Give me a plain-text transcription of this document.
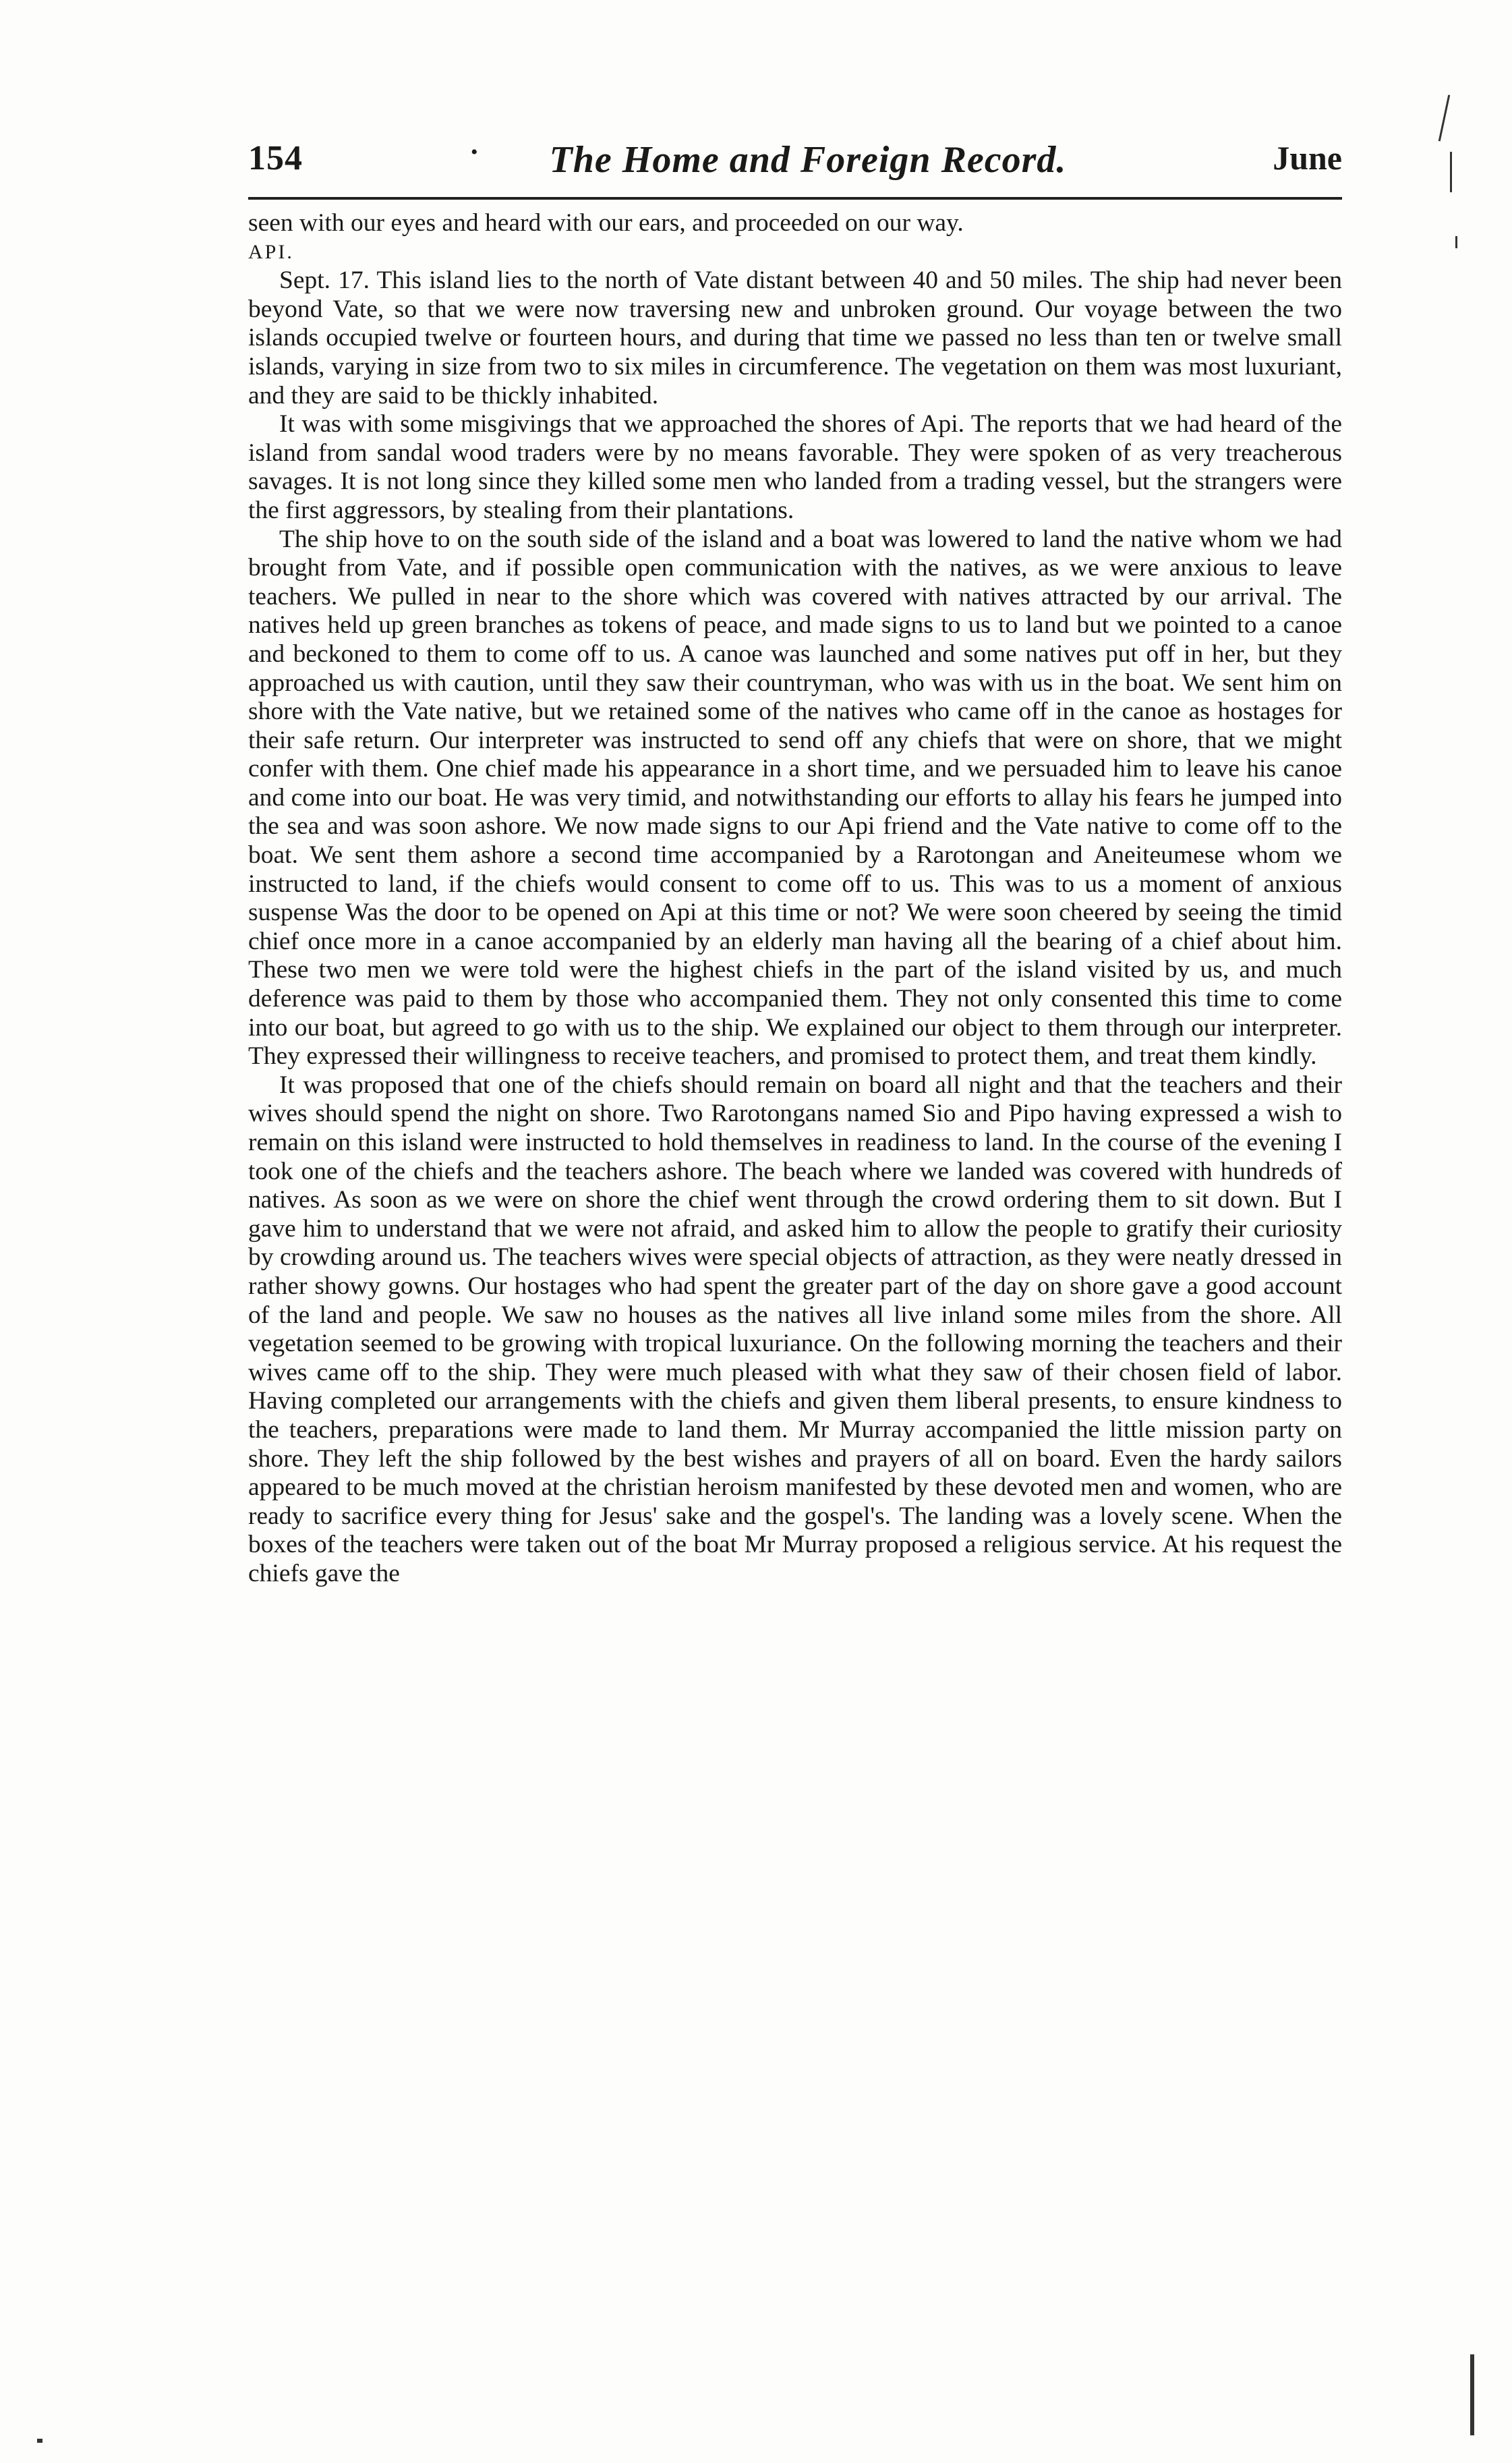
154	•	The Home and Foreign Record.	June

seen with our eyes and heard with our ears, and proceeded on our way.

API.

Sept. 17. This island lies to the north of Vate distant between 40 and 50 miles. The ship had never been beyond Vate, so that we were now traversing new and unbroken ground. Our voyage between the two islands occupied twelve or fourteen hours, and during that time we passed no less than ten or twelve small islands, varying in size from two to six miles in circumference. The vegetation on them was most luxuriant, and they are said to be thickly inhabited.

It was with some misgivings that we approached the shores of Api. The reports that we had heard of the island from sandal wood traders were by no means favorable. They were spoken of as very treacherous savages. It is not long since they killed some men who landed from a trading vessel, but the strangers were the first aggressors, by stealing from their plantations.

The ship hove to on the south side of the island and a boat was lowered to land the native whom we had brought from Vate, and if possible open communication with the natives, as we were anxious to leave teachers. We pulled in near to the shore which was covered with natives attracted by our arrival. The natives held up green branches as tokens of peace, and made signs to us to land but we pointed to a canoe and beckoned to them to come off to us. A canoe was launched and some natives put off in her, but they approached us with caution, until they saw their countryman, who was with us in the boat. We sent him on shore with the Vate native, but we retained some of the natives who came off in the canoe as hostages for their safe return. Our interpreter was instructed to send off any chiefs that were on shore, that we might confer with them. One chief made his appearance in a short time, and we persuaded him to leave his canoe and come into our boat. He was very timid, and notwithstanding our efforts to allay his fears he jumped into the sea and was soon ashore. We now made signs to our Api friend and the Vate native to come off to the boat. We sent them ashore a second time accompanied by a Rarotongan and Aneiteumese whom we instructed to land, if the chiefs would consent to come off to us. This was to us a moment of anxious suspense Was the door to be opened on Api at this time or not? We were soon cheered by seeing the timid chief once more in a canoe accompanied by an elderly man having all the bearing of a chief about him. These two men we were told were the highest chiefs in the part of the island visited by us, and much deference was paid to them by those who accompanied them. They not only consented this time to come into our boat, but agreed to go with us to the ship. We explained our object to them through our interpreter. They expressed their willingness to receive teachers, and promised to protect them, and treat them kindly.

It was proposed that one of the chiefs should remain on board all night and that the teachers and their wives should spend the night on shore. Two Rarotongans named Sio and Pipo having expressed a wish to remain on this island were instructed to hold themselves in readiness to land. In the course of the evening I took one of the chiefs and the teachers ashore. The beach where we landed was covered with hundreds of natives. As soon as we were on shore the chief went through the crowd ordering them to sit down. But I gave him to understand that we were not afraid, and asked him to allow the people to gratify their curiosity by crowding around us. The teachers wives were special objects of attraction, as they were neatly dressed in rather showy gowns. Our hostages who had spent the greater part of the day on shore gave a good account of the land and people. We saw no houses as the natives all live inland some miles from the shore. All vegetation seemed to be growing with tropical luxuriance. On the following morning the teachers and their wives came off to the ship. They were much pleased with what they saw of their chosen field of labor. Having completed our arrangements with the chiefs and given them liberal presents, to ensure kindness to the teachers, preparations were made to land them. Mr Murray accompanied the little mission party on shore. They left the ship followed by the best wishes and prayers of all on board. Even the hardy sailors appeared to be much moved at the christian heroism manifested by these devoted men and women, who are ready to sacrifice every thing for Jesus' sake and the gospel's. The landing was a lovely scene. When the boxes of the teachers were taken out of the boat Mr Murray proposed a religious service. At his request the chiefs gave the
